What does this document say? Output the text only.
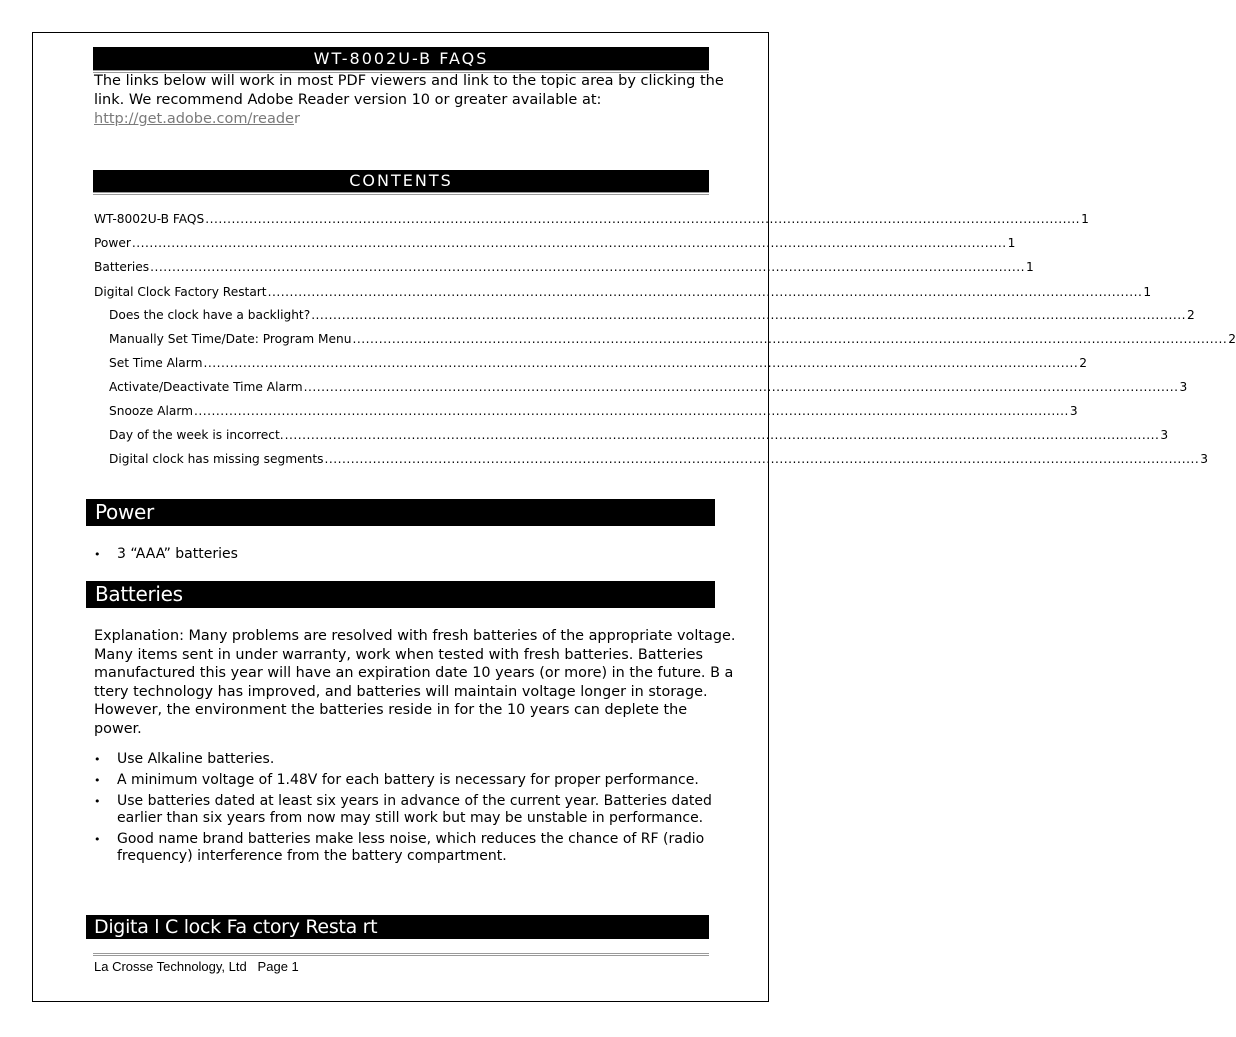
WT-8002U-B FAQS
The links below will work in most PDF viewers and link to the topic area by clicking the link. We recommend Adobe Reader version 10 or greater available at:
http://get.adobe.com/reader
CONTENTS
WT-8002U-B FAQS ........................................................................................................................................................................................................ 1
Power ........................................................................................................................................................................................................ 1
Batteries ........................................................................................................................................................................................................ 1
Digital Clock Factory Restart ........................................................................................................................................................................................................ 1
Does the clock have a backlight? ........................................................................................................................................................................................................ 2
Manually Set Time/Date: Program Menu ........................................................................................................................................................................................................ 2
Set Time Alarm ........................................................................................................................................................................................................ 2
Activate/Deactivate Time Alarm ........................................................................................................................................................................................................ 3
Snooze Alarm ........................................................................................................................................................................................................ 3
Day of the week is incorrect. ........................................................................................................................................................................................................ 3
Digital clock has missing segments ........................................................................................................................................................................................................ 3
Power
• 3 “AAA” batteries
Batteries
Explanation: Many problems are resolved with fresh batteries of the appropriate voltage. Many items sent in under warranty, work when tested with fresh batteries. Batteries manufactured this year will have an expiration date 10 years (or more) in the future. B a ttery technology has improved, and batteries will maintain voltage longer in storage. However, the environment the batteries reside in for the 10 years can deplete the power.
• Use Alkaline batteries.
• A minimum voltage of 1.48V for each battery is necessary for proper performance.
• Use batteries dated at least six years in advance of the current year. Batteries dated earlier than six years from now may still work but may be unstable in performance.
• Good name brand batteries make less noise, which reduces the chance of RF (radio frequency) interference from the battery compartment.
Digita l C lock Fa ctory Resta rt
La Crosse Technology, Ltd   Page 1
